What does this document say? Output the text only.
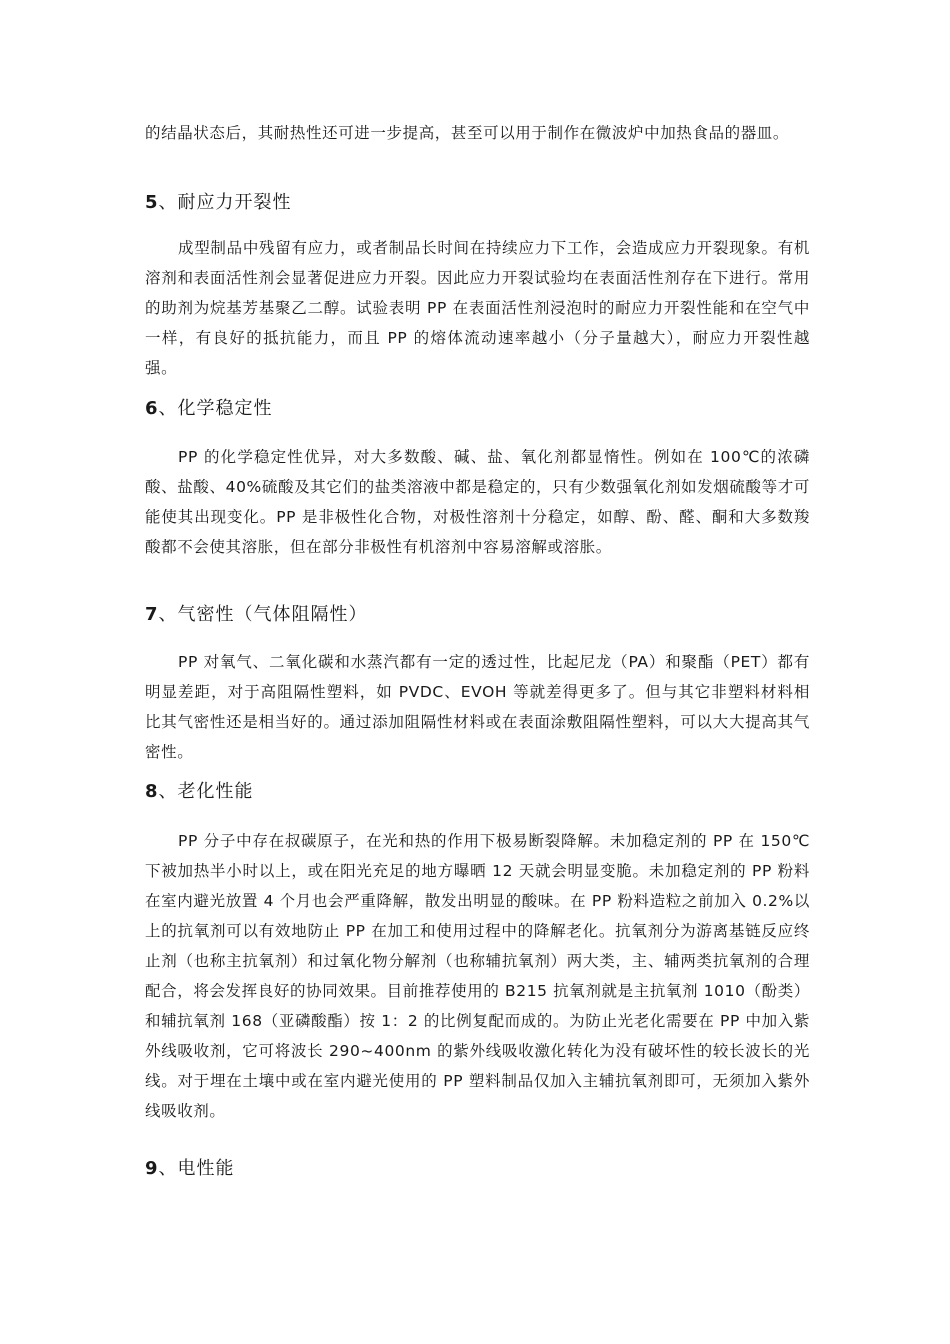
的结晶状态后，其耐热性还可进一步提高，甚至可以用于制作在微波炉中加热食品的器皿。

5、耐应力开裂性

成型制品中残留有应力，或者制品长时间在持续应力下工作，会造成应力开裂现象。有机溶剂和表面活性剂会显著促进应力开裂。因此应力开裂试验均在表面活性剂存在下进行。常用的助剂为烷基芳基聚乙二醇。试验表明 PP 在表面活性剂浸泡时的耐应力开裂性能和在空气中一样，有良好的抵抗能力，而且 PP 的熔体流动速率越小（分子量越大），耐应力开裂性越强。

6、化学稳定性

PP 的化学稳定性优异，对大多数酸、碱、盐、氧化剂都显惰性。例如在 100℃的浓磷酸、盐酸、40%硫酸及其它们的盐类溶液中都是稳定的，只有少数强氧化剂如发烟硫酸等才可能使其出现变化。PP 是非极性化合物，对极性溶剂十分稳定，如醇、酚、醛、酮和大多数羧酸都不会使其溶胀，但在部分非极性有机溶剂中容易溶解或溶胀。

7、气密性（气体阻隔性）

PP 对氧气、二氧化碳和水蒸汽都有一定的透过性，比起尼龙（PA）和聚酯（PET）都有明显差距，对于高阻隔性塑料，如 PVDC、EVOH 等就差得更多了。但与其它非塑料材料相比其气密性还是相当好的。通过添加阻隔性材料或在表面涂敷阻隔性塑料，可以大大提高其气密性。

8、老化性能

PP 分子中存在叔碳原子，在光和热的作用下极易断裂降解。未加稳定剂的 PP 在 150℃下被加热半小时以上，或在阳光充足的地方曝晒 12 天就会明显变脆。未加稳定剂的 PP 粉料在室内避光放置 4 个月也会严重降解，散发出明显的酸味。在 PP 粉料造粒之前加入 0.2%以上的抗氧剂可以有效地防止 PP 在加工和使用过程中的降解老化。抗氧剂分为游离基链反应终止剂（也称主抗氧剂）和过氧化物分解剂（也称辅抗氧剂）两大类，主、辅两类抗氧剂的合理配合，将会发挥良好的协同效果。目前推荐使用的 B215 抗氧剂就是主抗氧剂 1010（酚类）和辅抗氧剂 168（亚磷酸酯）按 1：2 的比例复配而成的。为防止光老化需要在 PP 中加入紫外线吸收剂，它可将波长 290~400nm 的紫外线吸收激化转化为没有破坏性的较长波长的光线。对于埋在土壤中或在室内避光使用的 PP 塑料制品仅加入主辅抗氧剂即可，无须加入紫外线吸收剂。

9、电性能
